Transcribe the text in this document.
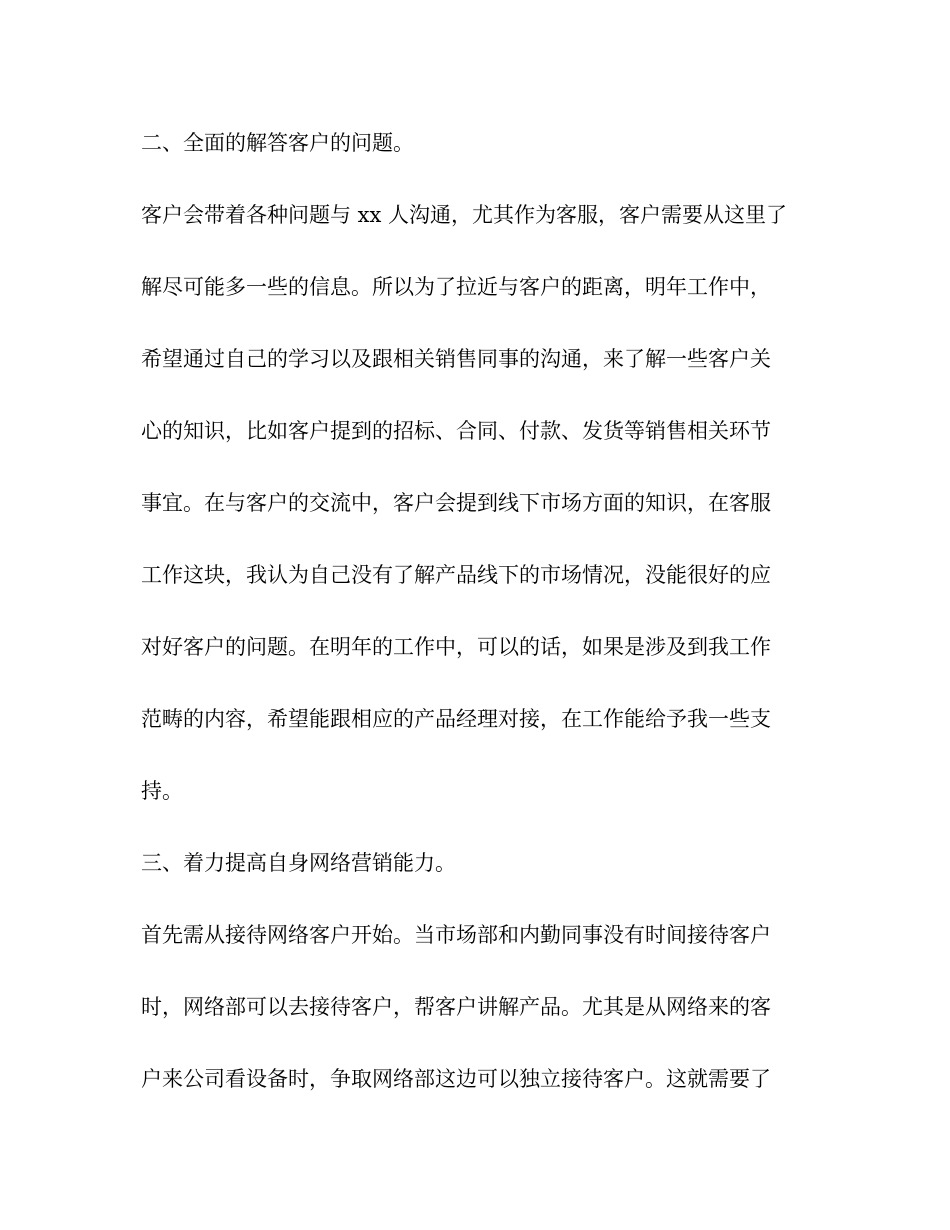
二、全面的解答客户的问题。
客户会带着各种问题与 xx 人沟通，尤其作为客服，客户需要从这里了
解尽可能多一些的信息。所以为了拉近与客户的距离，明年工作中，
希望通过自己的学习以及跟相关销售同事的沟通，来了解一些客户关
心的知识，比如客户提到的招标、合同、付款、发货等销售相关环节
事宜。在与客户的交流中，客户会提到线下市场方面的知识，在客服
工作这块，我认为自己没有了解产品线下的市场情况，没能很好的应
对好客户的问题。在明年的工作中，可以的话，如果是涉及到我工作
范畴的内容，希望能跟相应的产品经理对接，在工作能给予我一些支
持。
三、着力提高自身网络营销能力。
首先需从接待网络客户开始。当市场部和内勤同事没有时间接待客户
时，网络部可以去接待客户，帮客户讲解产品。尤其是从网络来的客
户来公司看设备时，争取网络部这边可以独立接待客户。这就需要了
